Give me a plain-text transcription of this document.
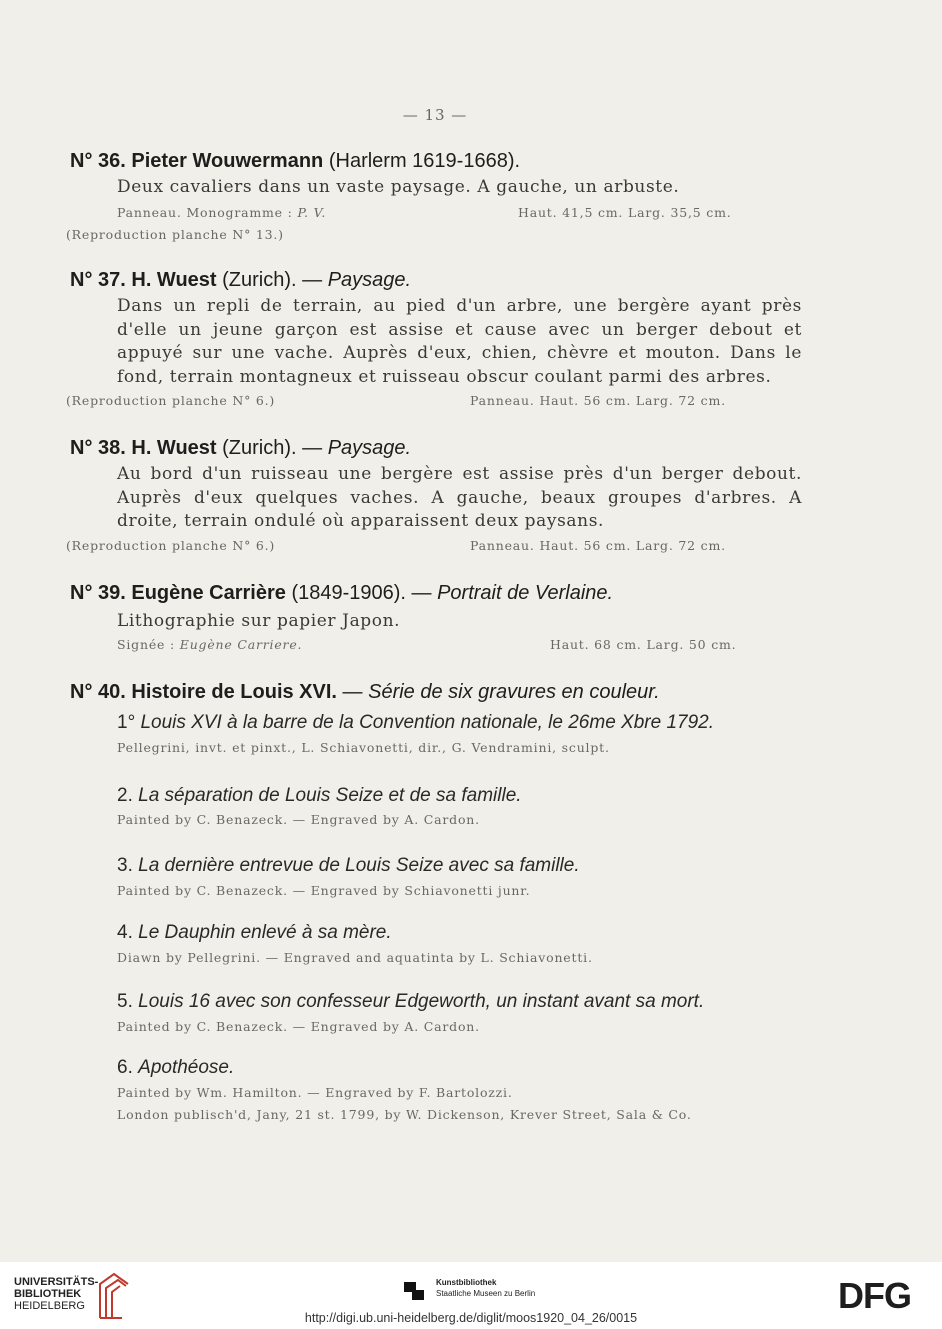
— 13 —
N° 36. Pieter Wouwermann (Harlerm 1619-1668).
Deux cavaliers dans un vaste paysage. A gauche, un arbuste.
Panneau. Monogramme : P. V.	Haut. 41,5 cm. Larg. 35,5 cm.
(Reproduction planche N° 13.)
N° 37. H. Wuest (Zurich). — Paysage.
Dans un repli de terrain, au pied d'un arbre, une bergère ayant près d'elle un jeune garçon est assise et cause avec un berger debout et appuyé sur une vache. Auprès d'eux, chien, chèvre et mouton. Dans le fond, terrain montagneux et ruisseau obscur coulant parmi des arbres.
(Reproduction planche N° 6.)	Panneau. Haut. 56 cm. Larg. 72 cm.
N° 38. H. Wuest (Zurich). — Paysage.
Au bord d'un ruisseau une bergère est assise près d'un berger debout. Auprès d'eux quelques vaches. A gauche, beaux groupes d'arbres. A droite, terrain ondulé où apparaissent deux paysans.
(Reproduction planche N° 6.)	Panneau. Haut. 56 cm. Larg. 72 cm.
N° 39. Eugène Carrière (1849-1906). — Portrait de Verlaine.
Lithographie sur papier Japon.
Signée : Eugène Carriere.	Haut. 68 cm. Larg. 50 cm.
N° 40. Histoire de Louis XVI. — Série de six gravures en couleur.
1° Louis XVI à la barre de la Convention nationale, le 26me Xbre 1792.
Pellegrini, invt. et pinxt., L. Schiavonetti, dir., G. Vendramini, sculpt.
2. La séparation de Louis Seize et de sa famille.
Painted by C. Benazeck. — Engraved by A. Cardon.
3. La dernière entrevue de Louis Seize avec sa famille.
Painted by C. Benazeck. — Engraved by Schiavonetti junr.
4. Le Dauphin enlevé à sa mère.
Diawn by Pellegrini. — Engraved and aquatinta by L. Schiavonetti.
5. Louis 16 avec son confesseur Edgeworth, un instant avant sa mort.
Painted by C. Benazeck. — Engraved by A. Cardon.
6. Apothéose.
Painted by Wm. Hamilton. — Engraved by F. Bartolozzi.
London publisch'd, Jany, 21 st. 1799, by W. Dickenson, Krever Street, Sala & Co.
UNIVERSITÄTS-
BIBLIOTHEK
HEIDELBERG
Kunstbibliothek
Staatliche Museen zu Berlin	DFG
http://digi.ub.uni-heidelberg.de/diglit/moos1920_04_26/0015
